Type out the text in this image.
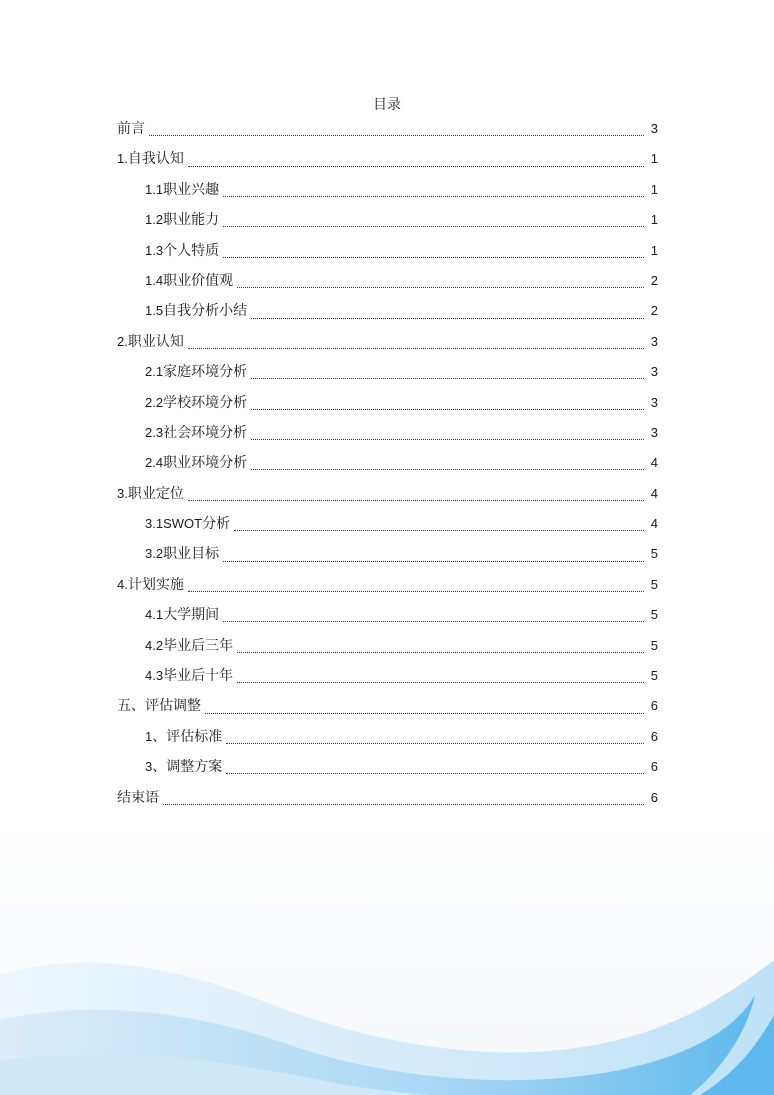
目录
前言	3
1. 自我认知	1
1.1 职业兴趣	1
1.2 职业能力	1
1.3 个人特质	1
1.4 职业价值观	2
1.5 自我分析小结	2
2. 职业认知	3
2.1 家庭环境分析	3
2.2 学校环境分析	3
2.3 社会环境分析	3
2.4 职业环境分析	4
3. 职业定位	4
3.1SWOT 分析	4
3.2 职业目标	5
4. 计划实施	5
4.1 大学期间	5
4.2 毕业后三年	5
4.3 毕业后十年	5
五、评估调整	6
1 、评估标准	6
3 、调整方案	6
结束语	6
